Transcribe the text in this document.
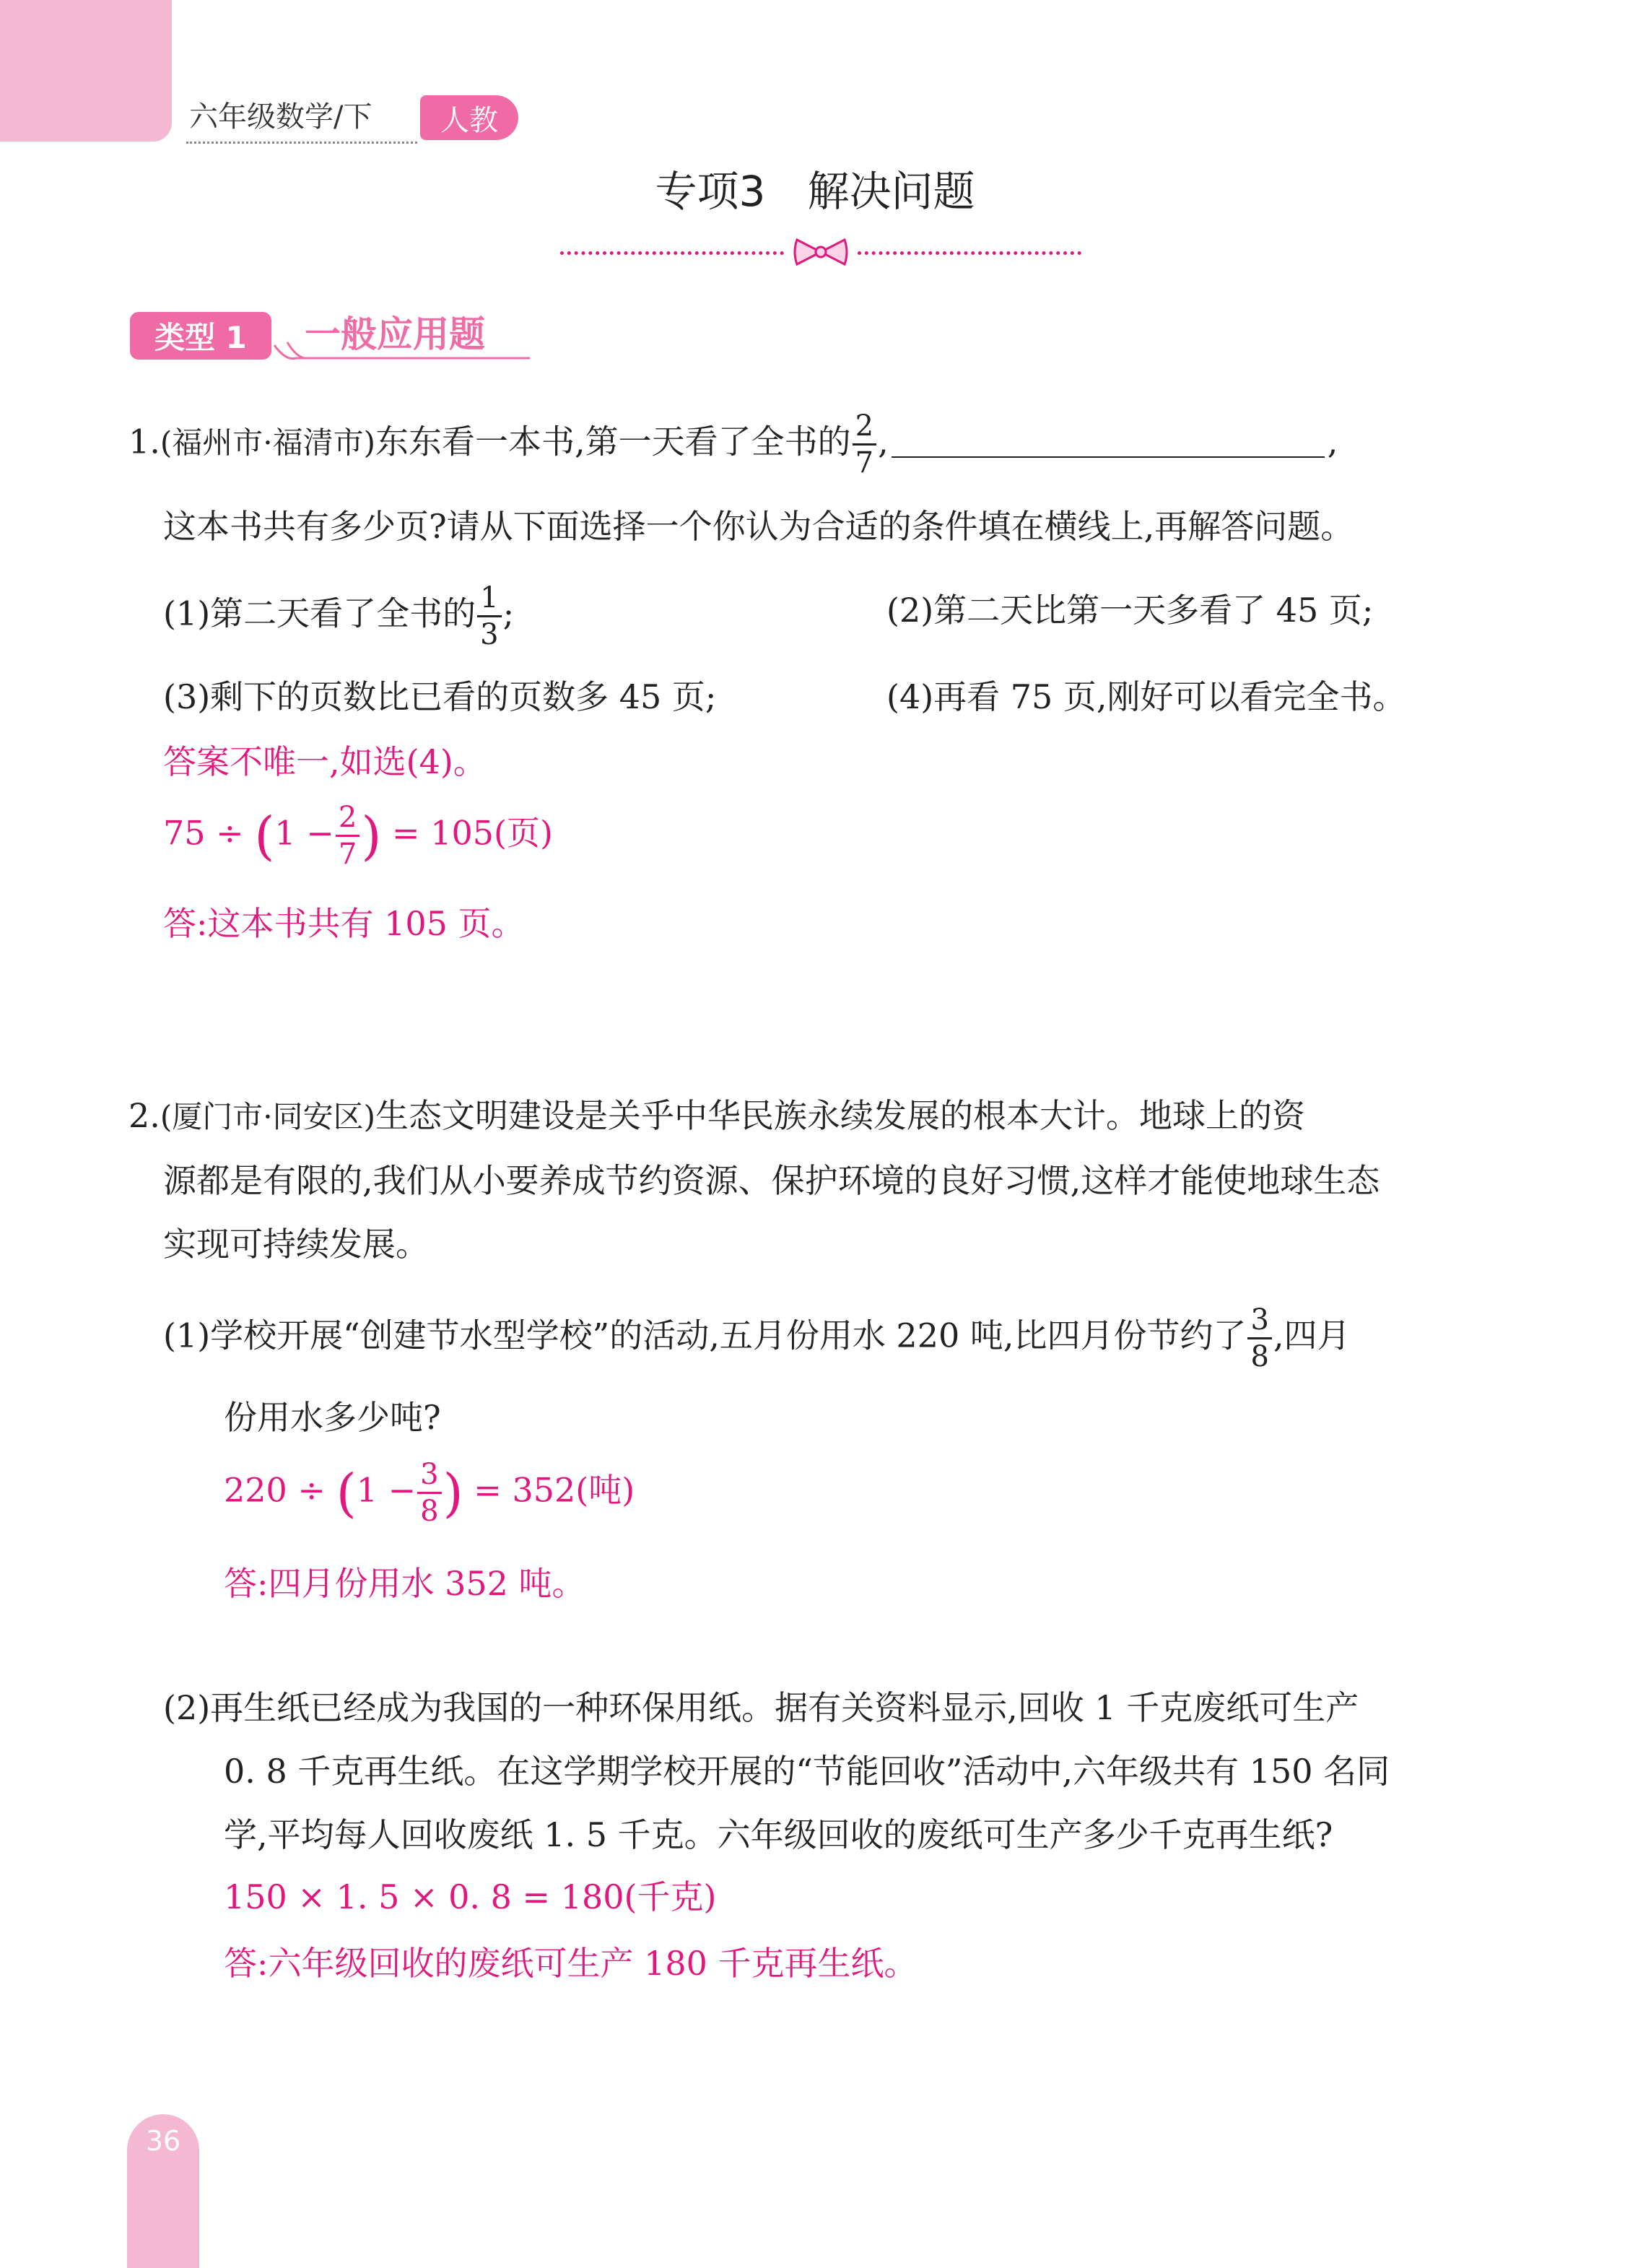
六年级数学/下	人教
专项3　解决问题
类型 1	一般应用题
1.(福州市·福清市)东东看一本书,第一天看了全书的 $\frac{2}{7}$ ,	,
这本书共有多少页?请从下面选择一个你认为合适的条件填在横线上,再解答问题。
(1)第二天看了全书的 $\frac{1}{3}$ ;	(2)第二天比第一天多看了 45 页;
(3)剩下的页数比已看的页数多 45 页;	(4)再看 75 页,刚好可以看完全书。
答案不唯一,如选(4)。
$75 \div (1 - \frac{2}{7}$ ) = 105(页)
答:这本书共有 105 页。
2.(厦门市·同安区)生态文明建设是关乎中华民族永续发展的根本大计。地球上的资
源都是有限的,我们从小要养成节约资源、保护环境的良好习惯,这样才能使地球生态
实现可持续发展。
(1)学校开展“创建节水型学校”的活动,五月份用水 220 吨,比四月份节约了 $\frac{3}{8}$ ,四月
份用水多少吨?
$220 \div (1 - \frac{3}{8}$ ) = 352(吨)
答:四月份用水 352 吨。
(2)再生纸已经成为我国的一种环保用纸。据有关资料显示,回收 1 千克废纸可生产
0. 8 千克再生纸。在这学期学校开展的“节能回收”活动中,六年级共有 150 名同
学,平均每人回收废纸 1. 5 千克。六年级回收的废纸可生产多少千克再生纸?
150 × 1. 5 × 0. 8 = 180(千克)
答:六年级回收的废纸可生产 180 千克再生纸。
36
